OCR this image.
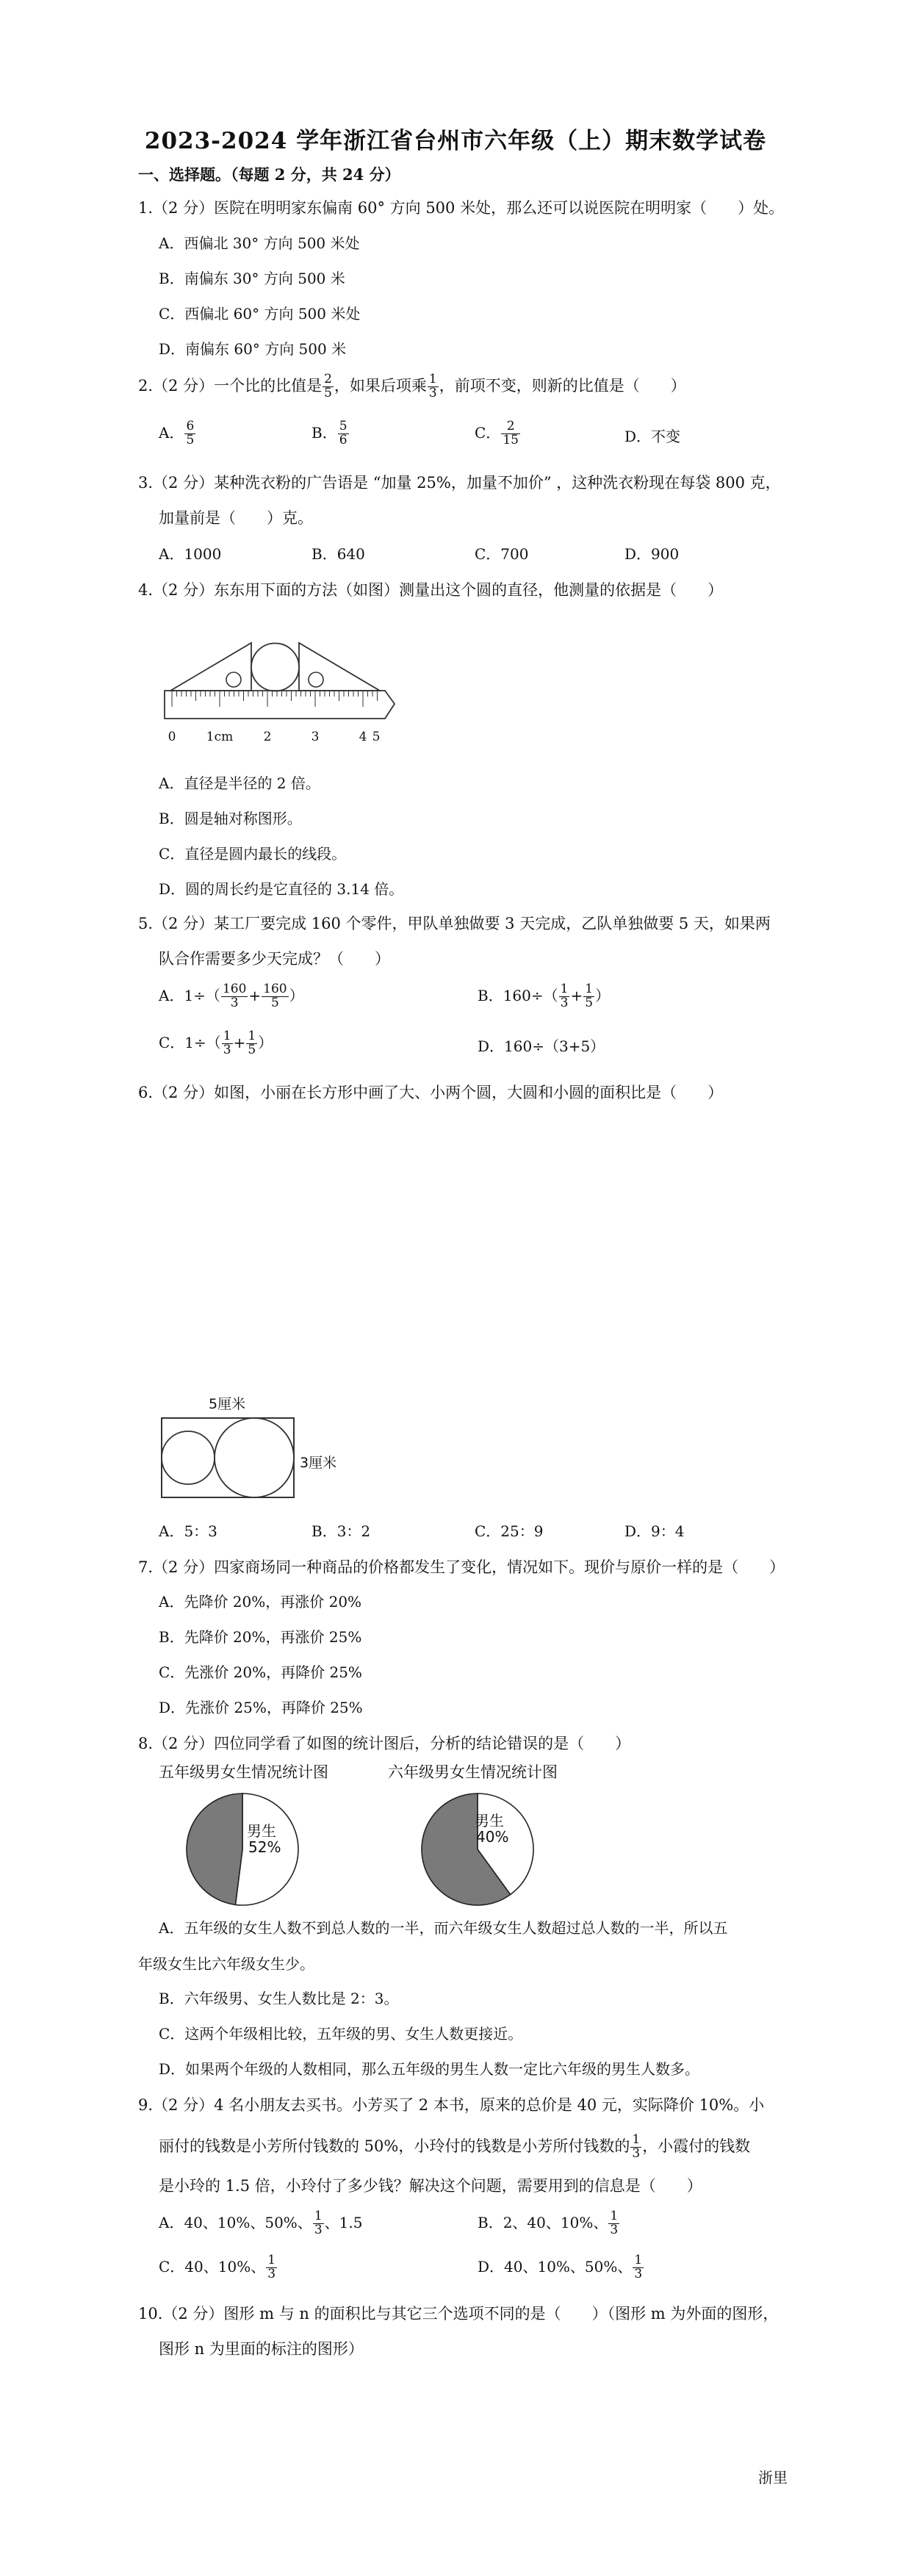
2023-2024 学年浙江省台州市六年级（上）期末数学试卷
一、选择题。（每题 2 分，共 24 分）
1.（2 分）医院在明明家东偏南 60° 方向 500 米处，那么还可以说医院在明明家（　　）处。
A．西偏北 30° 方向 500 米处
B．南偏东 30° 方向 500 米
C．西偏北 60° 方向 500 米处
D．南偏东 60° 方向 500 米
2.（2 分）一个比的比值是 $\frac{2}{5}$ ，如果后项乘 $\frac{1}{3}$ ，前项不变，则新的比值是（　　）
A． $\frac{6}{5}$	B． $\frac{5}{6}$	C． $\frac{2}{15}$	D．不变
3.（2 分）某种洗衣粉的广告语是 “加量 25%，加量不加价” ，这种洗衣粉现在每袋 800 克，
加量前是（　　）克。
A．1000	B．640	C．700	D．900
4.（2 分）东东用下面的方法（如图）测量出这个圆的直径，他测量的依据是（　　）
0 1cm 2	3	4 5
A．直径是半径的 2 倍。
B．圆是轴对称图形。
C．直径是圆内最长的线段。
D．圆的周长约是它直径的 3.14 倍。
5.（2 分）某工厂要完成 160 个零件，甲队单独做要 3 天完成，乙队单独做要 5 天，如果两
队合作需要多少天完成？（　　）
A．$1\div( \frac{160}{3} + \frac{160}{5}$ ）	B．$160\div( \frac{1}{3} + \frac{1}{5}$ ）
C．$1\div( \frac{1}{3} + \frac{1}{5}$ ）	D．160÷（3+5）
6.（2 分）如图，小丽在长方形中画了大、小两个圆，大圆和小圆的面积比是（　　）
5厘米
3厘米
A．5：3	B．3：2	C．25：9	D．9：4
7.（2 分）四家商场同一种商品的价格都发生了变化，情况如下。现价与原价一样的是（　　）
A．先降价 20%，再涨价 20%
B．先降价 20%，再涨价 25%
C．先涨价 20%，再降价 25%
D．先涨价 25%，再降价 25%
8.（2 分）四位同学看了如图的统计图后，分析的结论错误的是（　　）
五年级男女生情况统计图	六年级男女生情况统计图
男生
52%
男生
40%
A．五年级的女生人数不到总人数的一半，而六年级女生人数超过总人数的一半，所以五
年级女生比六年级女生少。
B．六年级男、女生人数比是 2：3。
C．这两个年级相比较，五年级的男、女生人数更接近。
D．如果两个年级的人数相同，那么五年级的男生人数一定比六年级的男生人数多。
9.（2 分）4 名小朋友去买书。小芳买了 2 本书，原来的总价是 40 元，实际降价 10%。小
丽付的钱数是小芳所付钱数的 50%，小玲付的钱数是小芳所付钱数的 $\frac{1}{3}$ ，小霞付的钱数
是小玲的 1.5 倍，小玲付了多少钱？解决这个问题，需要用到的信息是（　　）
A．40、10%、50%、 $\frac{1}{3}$ 、1.5	B．2、40、10%、 $\frac{1}{3}$
C．40、10%、 $\frac{1}{3}$	D．40、10%、50%、 $\frac{1}{3}$
10.（2 分）图形 m 与 n 的面积比与其它三个选项不同的是（　　）（图形 m 为外面的图形，
图形 n 为里面的标注的图形）
浙里
